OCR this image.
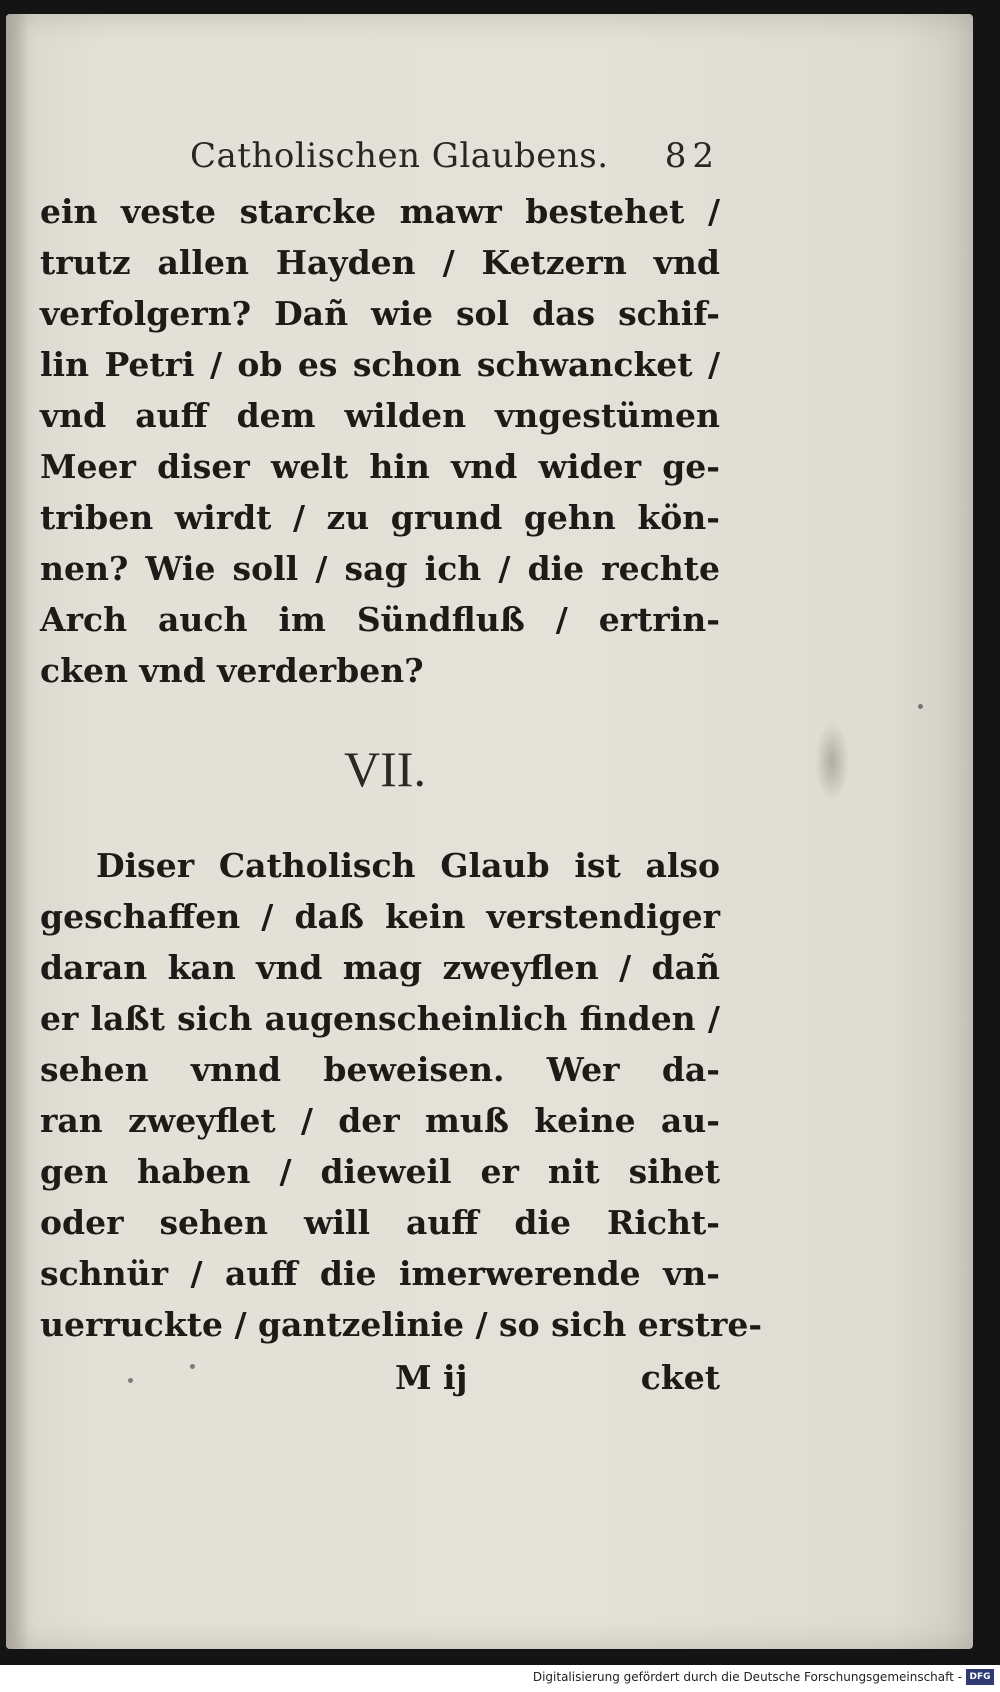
Catholischen Glaubens. 82
ein veste starcke mawr bestehet /
trutz allen Hayden / Ketzern vnd
verfolgern? Dañ wie sol das schif-
lin Petri / ob es schon schwancket /
vnd auff dem wilden vngestümen
Meer diser welt hin vnd wider ge-
triben wirdt / zu grund gehn kön-
nen? Wie soll / sag ich / die rechte
Arch auch im Sündfluß / ertrin-
cken vnd verderben?
VII.
Diser Catholisch Glaub ist also
geschaffen / daß kein verstendiger
daran kan vnd mag zweyflen / dañ
er laßt sich augenscheinlich finden /
sehen vnnd beweisen. Wer da-
ran zweyflet / der muß keine au-
gen haben / dieweil er nit sihet
oder sehen will auff die Richt-
schnür / auff die imerwerende vn-
uerruckte / gantzelinie / so sich erstre-
M ij	cket
Digitalisierung gefördert durch die Deutsche Forschungsgemeinschaft - DFG
